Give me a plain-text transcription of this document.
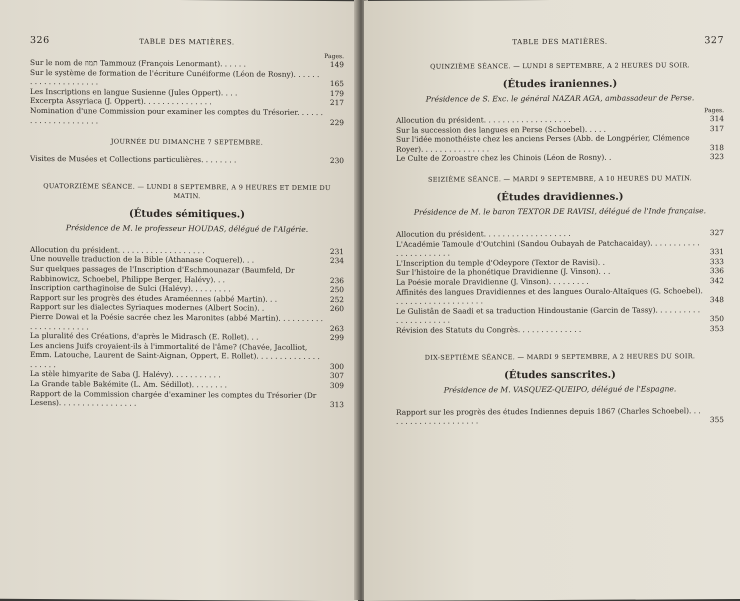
326	TABLE DES MATIÈRES.
Pages.
Sur le nom de תמוז Tammouz (François Lenormant). . . . . .	149
Sur le système de formation de l'écriture Cunéiforme (Léon de Rosny). . . . . . . . . . . . . . . . . . . . .	165
Les Inscriptions en langue Susienne (Jules Oppert). . . .	179
Excerpta Assyriaca (J. Oppert). . . . . . . . . . . . . . .	217
Nomination d'une Commission pour examiner les comptes du Trésorier. . . . . . . . . . . . . . . . . . . . .	229
JOURNÉE DU DIMANCHE 7 SEPTEMBRE.
Visites de Musées et Collections particulières. . . . . . . .	230
QUATORZIÈME SÉANCE. — LUNDI 8 SEPTEMBRE, A 9 HEURES ET DEMIE DU MATIN.
(Études sémitiques.)
Présidence de M. le professeur HOUDAS, délégué de l'Algérie.
Allocution du président. . . . . . . . . . . . . . . . . . .	231
Une nouvelle traduction de la Bible (Athanase Coquerel). . .	234
Sur quelques passages de l'Inscription d'Eschmounazar (Baumfeld, Dr Rabbinowicz, Schoebel, Philippe Berger, Halévy). . .	236
Inscription carthaginoise de Sulci (Halévy). . . . . . . . .	250
Rapport sur les progrès des études Araméennes (abbé Martin). . .	252
Rapport sur les dialectes Syriaques modernes (Albert Socin). .	260
Pierre Dowai et la Poésie sacrée chez les Maronites (abbé Martin). . . . . . . . . . . . . . . . . . . . . . .	263
La pluralité des Créations, d'après le Midrasch (E. Rollet). . .	299
Les anciens Juifs croyaient-ils à l'immortalité de l'âme? (Chavée, Jacolliot, Emm. Latouche, Laurent de Saint-Aignan, Oppert, E. Rollet). . . . . . . . . . . . . . . . . . . .	300
La stèle himyarite de Saba (J. Halévy). . . . . . . . . . .	307
La Grande table Bakémite (L. Am. Sédillot). . . . . . . .	309
Rapport de la Commission chargée d'examiner les comptes du Trésorier (Dr Lesens). . . . . . . . . . . . . . . . .	313
TABLE DES MATIÈRES.	327
QUINZIÈME SÉANCE. — LUNDI 8 SEPTEMBRE, A 2 HEURES DU SOIR.
(Études iraniennes.)
Présidence de S. Exc. le général NAZAR AGA, ambassadeur de Perse.
Pages.
Allocution du président. . . . . . . . . . . . . . . . . . .	314
Sur la succession des langues en Perse (Schoebel). . . . .	317
Sur l'idée monothéiste chez les anciens Perses (Abb. de Longpérier, Clémence Royer). . . . . . . . . . . . . . .	318
Le Culte de Zoroastre chez les Chinois (Léon de Rosny). .	323
SEIZIÈME SÉANCE. — MARDI 9 SEPTEMBRE, A 10 HEURES DU MATIN.
(Études dravidiennes.)
Présidence de M. le baron TEXTOR DE RAVISI, délégué de l'Inde française.
Allocution du président. . . . . . . . . . . . . . . . . . .	327
L'Académie Tamoule d'Outchini (Sandou Oubayah de Patchacaiday). . . . . . . . . . . . . . . . . . . . . . .	331
L'Inscription du temple d'Odeypore (Textor de Ravisi). .	333
Sur l'histoire de la phonétique Dravidienne (J. Vinson). . .	336
La Poésie morale Dravidienne (J. Vinson). . . . . . . . .	342
Affinités des langues Dravidiennes et des langues Ouralo-Altaïques (G. Schoebel). . . . . . . . . . . . . . . . . . . .	348
Le Gulistân de Saadi et sa traduction Hindoustanie (Garcin de Tassy). . . . . . . . . . . . . . . . . . . . . .	350
Révision des Statuts du Congrès. . . . . . . . . . . . . .	353
DIX-SEPTIÈME SÉANCE. — MARDI 9 SEPTEMBRE, A 2 HEURES DU SOIR.
(Études sanscrites.)
Présidence de M. VASQUEZ-QUEIPO, délégué de l'Espagne.
Rapport sur les progrès des études Indiennes depuis 1867 (Charles Schoebel). . . . . . . . . . . . . . . . . . . . .	355
